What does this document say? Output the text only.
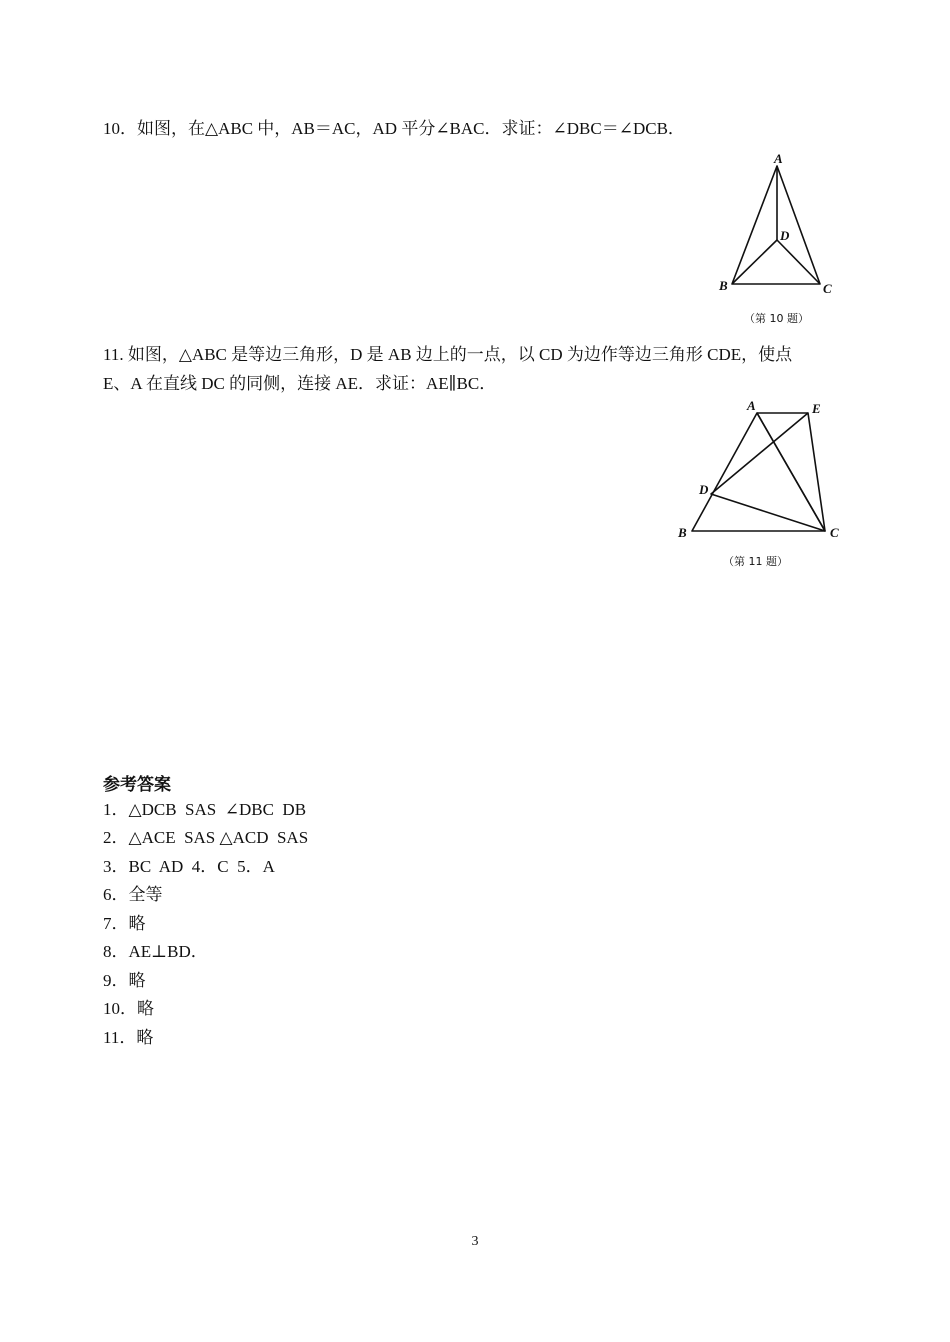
10．如图，在△ABC 中，AB＝AC，AD 平分∠BAC．求证：∠DBC＝∠DCB．
A
B	C
D
（第 10 题）
11. 如图，△ABC 是等边三角形，D 是 AB 边上的一点，以 CD 为边作等边三角形 CDE，使点
E、A 在直线 DC 的同侧，连接 AE．求证：AE∥BC．
A	E
D
B	C
（第 11 题）
参考答案
1．△DCB  SAS  ∠DBC  DB
2．△ACE  SAS △ACD  SAS
3．BC  AD  4．C  5．A
6．全等
7．略
8．AE⊥BD．
9．略
10．略
11．略
3
